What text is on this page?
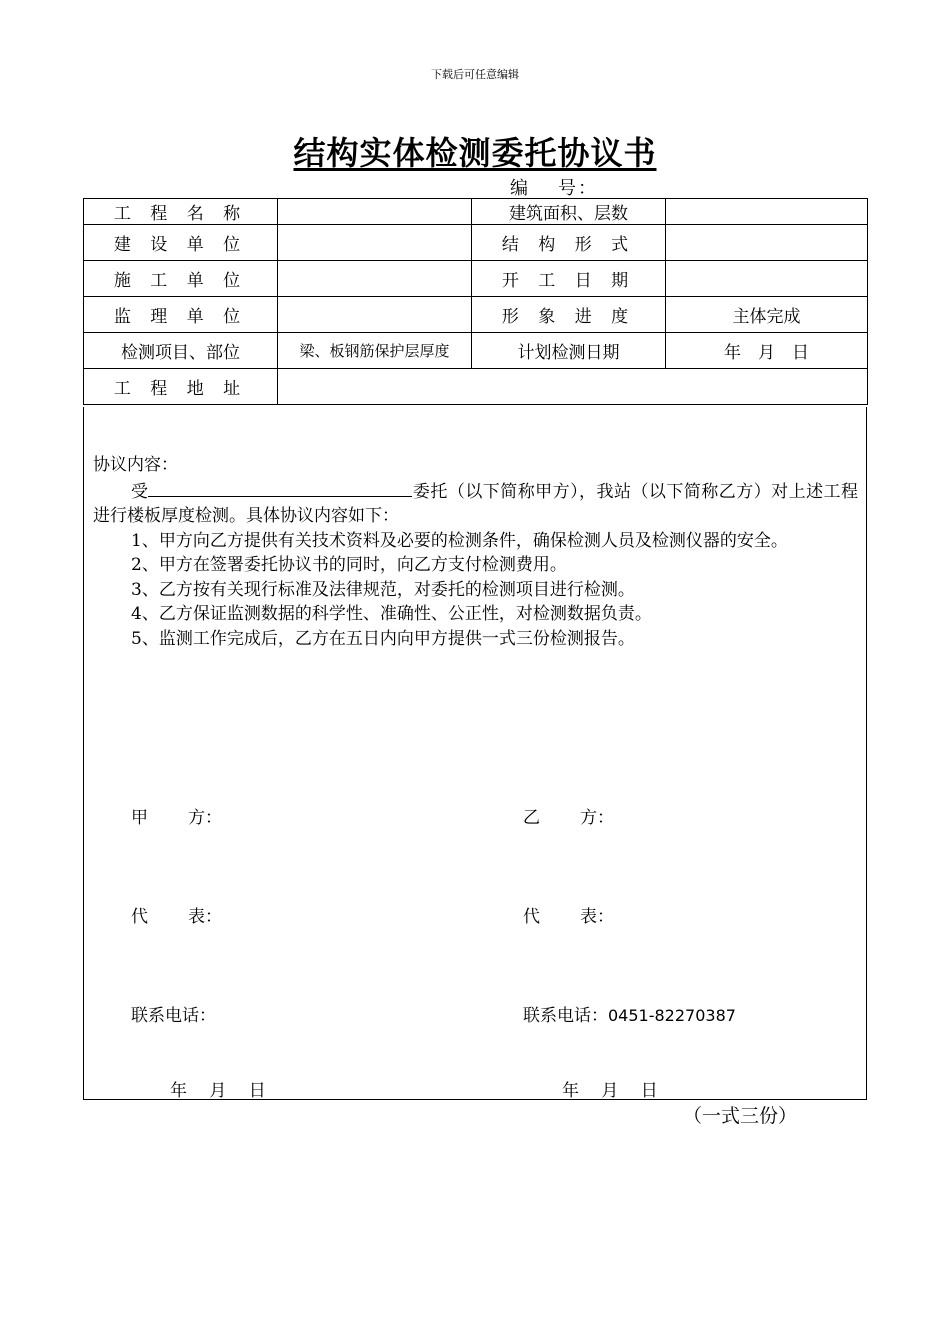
下载后可任意编辑
结构实体检测委托协议书
编 号：
工 程 名 称		建筑面积、层数	
建 设 单 位		结 构 形 式	
施 工 单 位		开 工 日 期	
监 理 单 位		形 象 进 度	主体完成
检测项目、部位	梁、板钢筋保护层厚度	计划检测日期	年　月　日
工 程 地 址			

协议内容：

受	委托（以下简称甲方），我站（以下简称乙方）对上述工程进行楼板厚度检测。具体协议内容如下：

1、甲方向乙方提供有关技术资料及必要的检测条件，确保检测人员及检测仪器的安全。

2、甲方在签署委托协议书的同时，向乙方支付检测费用。

3、乙方按有关现行标准及法律规范，对委托的检测项目进行检测。

4、乙方保证监测数据的科学性、准确性、公正性，对检测数据负责。

5、监测工作完成后，乙方在五日内向甲方提供一式三份检测报告。

甲 方：	乙 方：
代 表：	代 表：
联系电话：	联系电话：0451-82270387
年　 月　 日	年　 月　 日
（一式三份）
